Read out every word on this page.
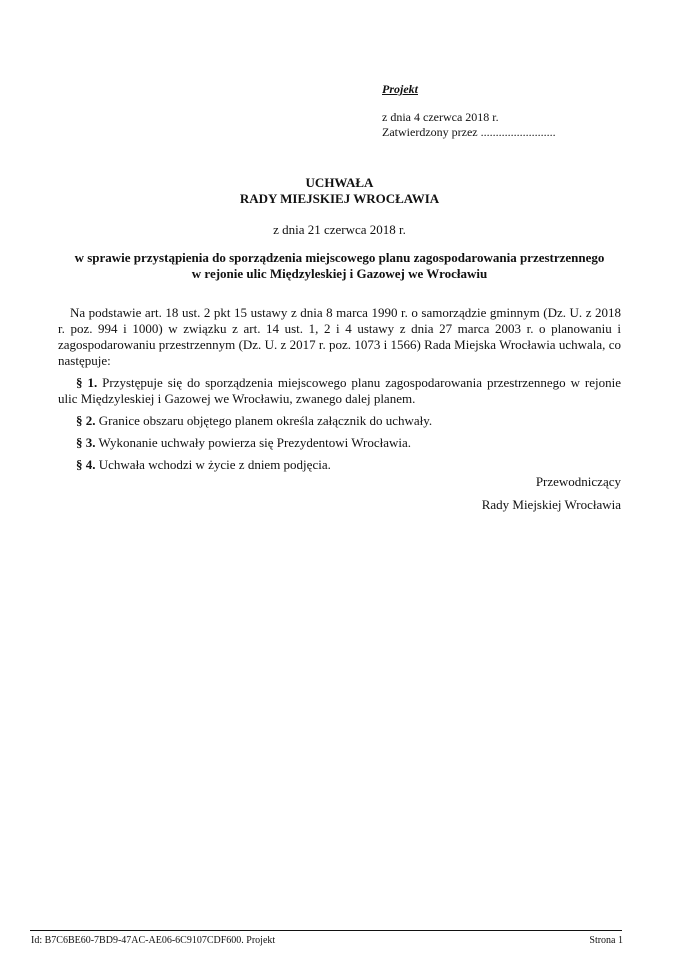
Projekt
z dnia 4 czerwca 2018 r.
Zatwierdzony przez .........................
UCHWAŁA
RADY MIEJSKIEJ WROCŁAWIA
z dnia 21 czerwca 2018 r.
w sprawie przystąpienia do sporządzenia miejscowego planu zagospodarowania przestrzennego
w rejonie ulic Międzyleskiej i Gazowej we Wrocławiu

Na podstawie art. 18 ust. 2 pkt 15 ustawy z dnia 8 marca 1990 r. o samorządzie gminnym (Dz. U. z 2018 r. poz. 994 i 1000) w związku z art. 14 ust. 1, 2 i 4 ustawy z dnia 27 marca 2003 r. o planowaniu i zagospodarowaniu przestrzennym (Dz. U. z 2017 r. poz. 1073 i 1566) Rada Miejska Wrocławia uchwala, co następuje:

§ 1. Przystępuje się do sporządzenia miejscowego planu zagospodarowania przestrzennego w rejonie ulic Międzyleskiej i Gazowej we Wrocławiu, zwanego dalej planem.

§ 2. Granice obszaru objętego planem określa załącznik do uchwały.

§ 3. Wykonanie uchwały powierza się Prezydentowi Wrocławia.

§ 4. Uchwała wchodzi w życie z dniem podjęcia.

Przewodniczący
Rady Miejskiej Wrocławia
Id: B7C6BE60-7BD9-47AC-AE06-6C9107CDF600. Projekt	Strona 1
